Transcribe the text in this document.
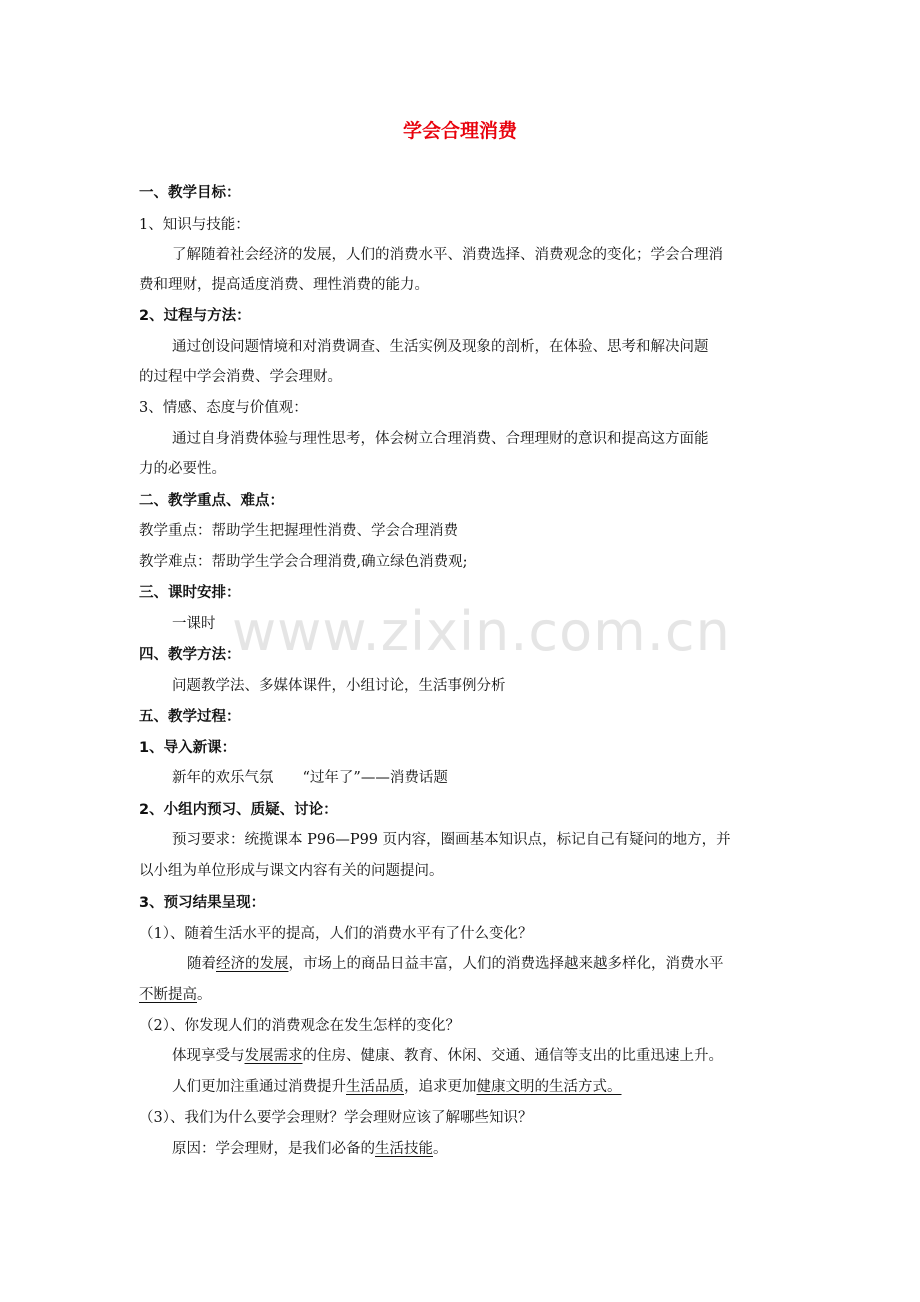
www.zixin.com.cn
学会合理消费
一、教学目标：
1、知识与技能：
了解随着社会经济的发展，人们的消费水平、消费选择、消费观念的变化；学会合理消
费和理财，提高适度消费、理性消费的能力。
2、过程与方法：
通过创设问题情境和对消费调查、生活实例及现象的剖析，在体验、思考和解决问题
的过程中学会消费、学会理财。
3、情感、态度与价值观：
通过自身消费体验与理性思考，体会树立合理消费、合理理财的意识和提高这方面能
力的必要性。
二、教学重点、难点：
教学重点：帮助学生把握理性消费、学会合理消费
教学难点：帮助学生学会合理消费,确立绿色消费观;
三、课时安排：
一课时
四、教学方法：
问题教学法、多媒体课件，小组讨论，生活事例分析
五、教学过程：
1、导入新课：
新年的欢乐气氛　　“过年了”——消费话题
2、小组内预习、质疑、讨论：
预习要求：统揽课本 P96—P99 页内容，圈画基本知识点，标记自己有疑问的地方，并
以小组为单位形成与课文内容有关的问题提问。
3、预习结果呈现：
（1）、随着生活水平的提高，人们的消费水平有了什么变化？
随着经济的发展，市场上的商品日益丰富，人们的消费选择越来越多样化，消费水平
不断提高。
（2）、你发现人们的消费观念在发生怎样的变化？
体现享受与发展需求的住房、健康、教育、休闲、交通、通信等支出的比重迅速上升。
人们更加注重通过消费提升生活品质，追求更加健康文明的生活方式。
（3）、我们为什么要学会理财？学会理财应该了解哪些知识？
原因：学会理财，是我们必备的生活技能。
